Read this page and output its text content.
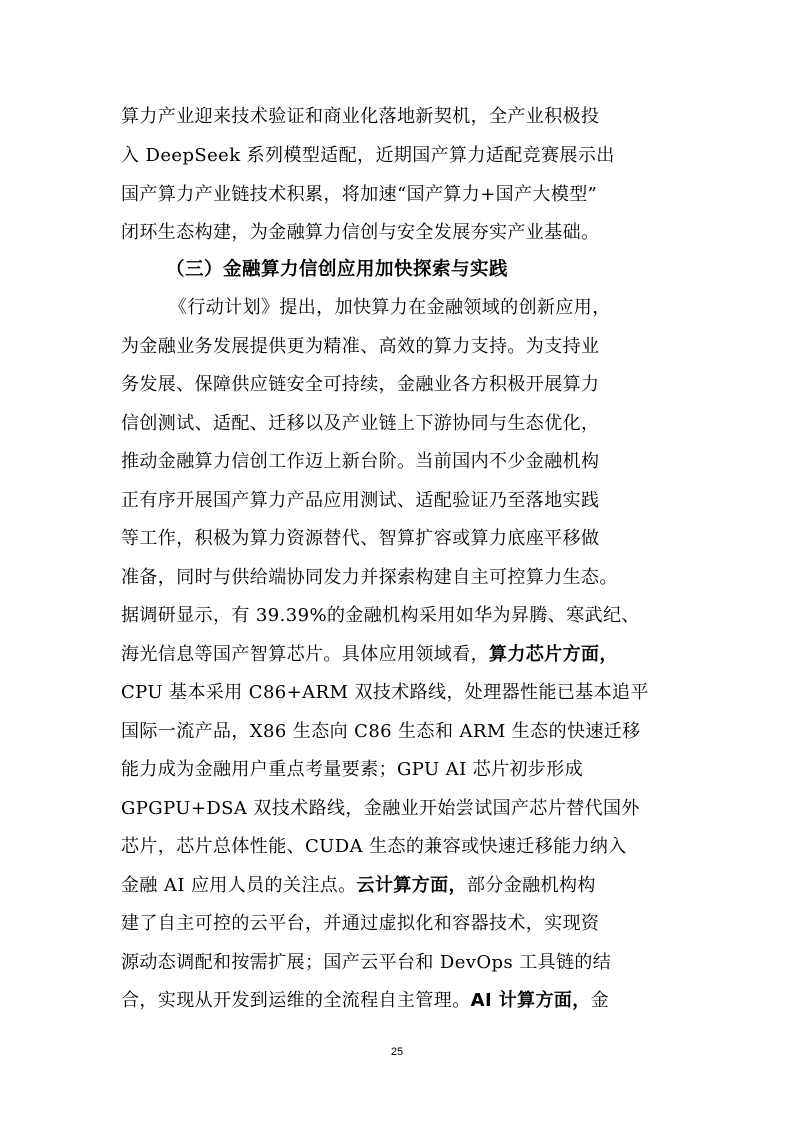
算力产业迎来技术验证和商业化落地新契机，全产业积极投
入 DeepSeek 系列模型适配，近期国产算力适配竞赛展示出
国产算力产业链技术积累，将加速“国产算力+国产大模型”
闭环生态构建，为金融算力信创与安全发展夯实产业基础。
（三）金融算力信创应用加快探索与实践
《行动计划》提出，加快算力在金融领域的创新应用，
为金融业务发展提供更为精准、高效的算力支持。为支持业
务发展、保障供应链安全可持续，金融业各方积极开展算力
信创测试、适配、迁移以及产业链上下游协同与生态优化，
推动金融算力信创工作迈上新台阶。当前国内不少金融机构
正有序开展国产算力产品应用测试、适配验证乃至落地实践
等工作，积极为算力资源替代、智算扩容或算力底座平移做
准备，同时与供给端协同发力并探索构建自主可控算力生态。
据调研显示，有 39.39%的金融机构采用如华为昇腾、寒武纪、
海光信息等国产智算芯片。具体应用领域看，算力芯片方面，
CPU 基本采用 C86+ARM 双技术路线，处理器性能已基本追平
国际一流产品，X86 生态向 C86 生态和 ARM 生态的快速迁移
能力成为金融用户重点考量要素；GPU AI 芯片初步形成
GPGPU+DSA 双技术路线，金融业开始尝试国产芯片替代国外
芯片，芯片总体性能、CUDA 生态的兼容或快速迁移能力纳入
金融 AI 应用人员的关注点。云计算方面，部分金融机构构
建了自主可控的云平台，并通过虚拟化和容器技术，实现资
源动态调配和按需扩展；国产云平台和 DevOps 工具链的结
合，实现从开发到运维的全流程自主管理。AI 计算方面，金
25
